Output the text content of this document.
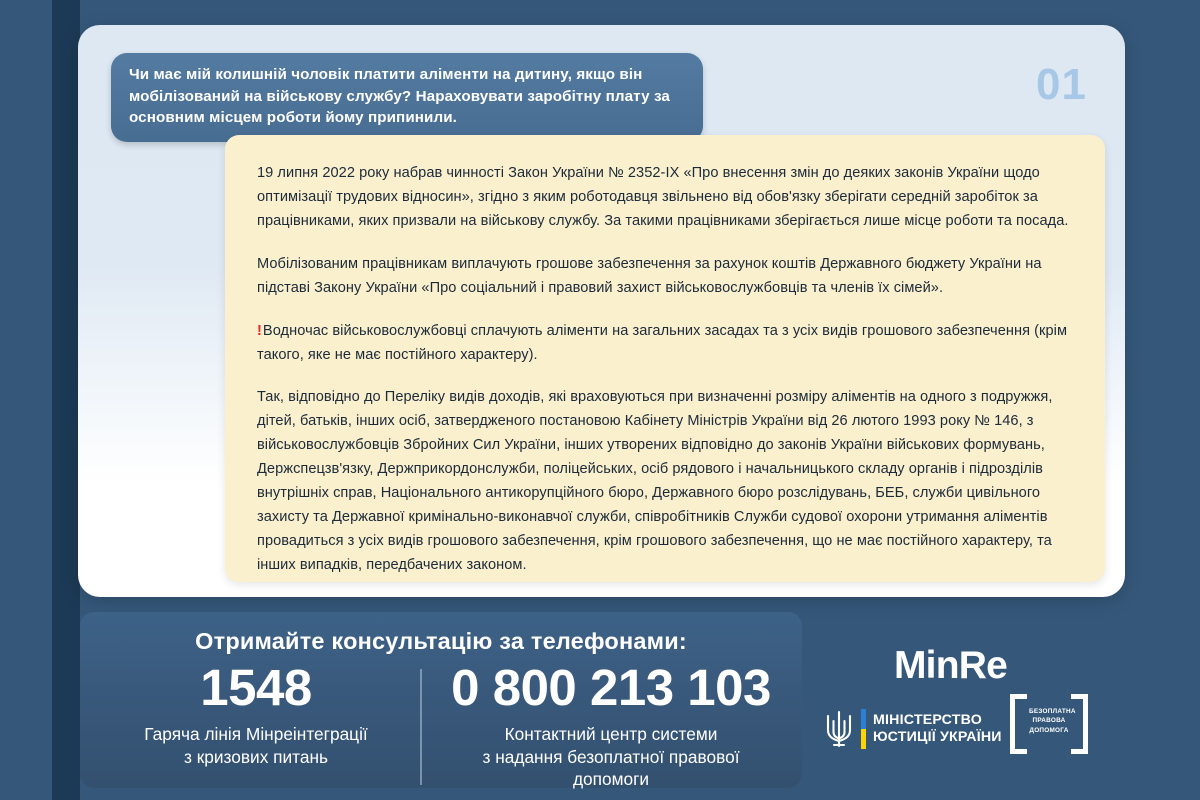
01
Чи має мій колишній чоловік платити аліменти на дитину, якщо він мобілізований на військову службу? Нараховувати заробітну плату за основним місцем роботи йому припинили.

19 липня 2022 року набрав чинності Закон України № 2352-IX «Про внесення змін до деяких законів України щодо оптимізації трудових відносин», згідно з яким роботодавця звільнено від обов'язку зберігати середній заробіток за працівниками, яких призвали на військову службу. За такими працівниками зберігається лише місце роботи та посада.

Мобілізованим працівникам виплачують грошове забезпечення за рахунок коштів Державного бюджету України на підставі Закону України «Про соціальний і правовий захист військовослужбовців та членів їх сімей».

!Водночас військовослужбовці сплачують аліменти на загальних засадах та з усіх видів грошового забезпечення (крім такого, яке не має постійного характеру).

Так, відповідно до Переліку видів доходів, які враховуються при визначенні розміру аліментів на одного з подружжя, дітей, батьків, інших осіб, затвердженого постановою Кабінету Міністрів України від 26 лютого 1993 року № 146, з військовослужбовців Збройних Сил України, інших утворених відповідно до законів України військових формувань, Держспецзв'язку, Держприкордонслужби, поліцейських, осіб рядового і начальницького складу органів і підрозділів внутрішніх справ, Національного антикорупційного бюро, Державного бюро розслідувань, БЕБ, служби цивільного захисту та Державної кримінально-виконавчої служби, співробітників Служби судової охорони утримання аліментів провадиться з усіх видів грошового забезпечення, крім грошового забезпечення, що не має постійного характеру, та інших випадків, передбачених законом.

Отримайте консультацію за телефонами:
1548
Гаряча лінія Мінреінтеграції
з кризових питань
0 800 213 103
Контактний центр системи
з надання безоплатної правової
допомоги
MinRe
МІНІСТЕРСТВО
ЮСТИЦІЇ УКРАЇНИ
БЕЗОПЛАТНА
ПРАВОВА
ДОПОМОГА
